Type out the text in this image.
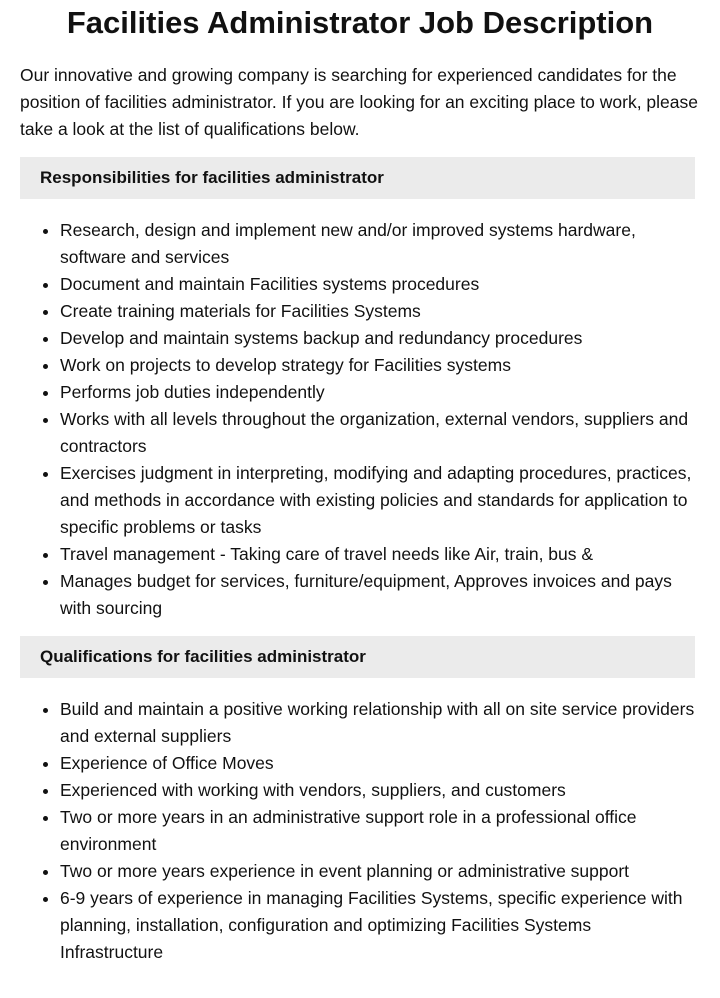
Facilities Administrator Job Description

Our innovative and growing company is searching for experienced candidates for the position of facilities administrator. If you are looking for an exciting place to work, please take a look at the list of qualifications below.

Responsibilities for facilities administrator
• Research, design and implement new and/or improved systems hardware, software and services
• Document and maintain Facilities systems procedures
• Create training materials for Facilities Systems
• Develop and maintain systems backup and redundancy procedures
• Work on projects to develop strategy for Facilities systems
• Performs job duties independently
• Works with all levels throughout the organization, external vendors, suppliers and contractors
• Exercises judgment in interpreting, modifying and adapting procedures, practices, and methods in accordance with existing policies and standards for application to specific problems or tasks
• Travel management - Taking care of travel needs like Air, train, bus &
• Manages budget for services, furniture/equipment, Approves invoices and pays with sourcing
Qualifications for facilities administrator
• Build and maintain a positive working relationship with all on site service providers and external suppliers
• Experience of Office Moves
• Experienced with working with vendors, suppliers, and customers
• Two or more years in an administrative support role in a professional office environment
• Two or more years experience in event planning or administrative support
• 6-9 years of experience in managing Facilities Systems, specific experience with planning, installation, configuration and optimizing Facilities Systems Infrastructure
